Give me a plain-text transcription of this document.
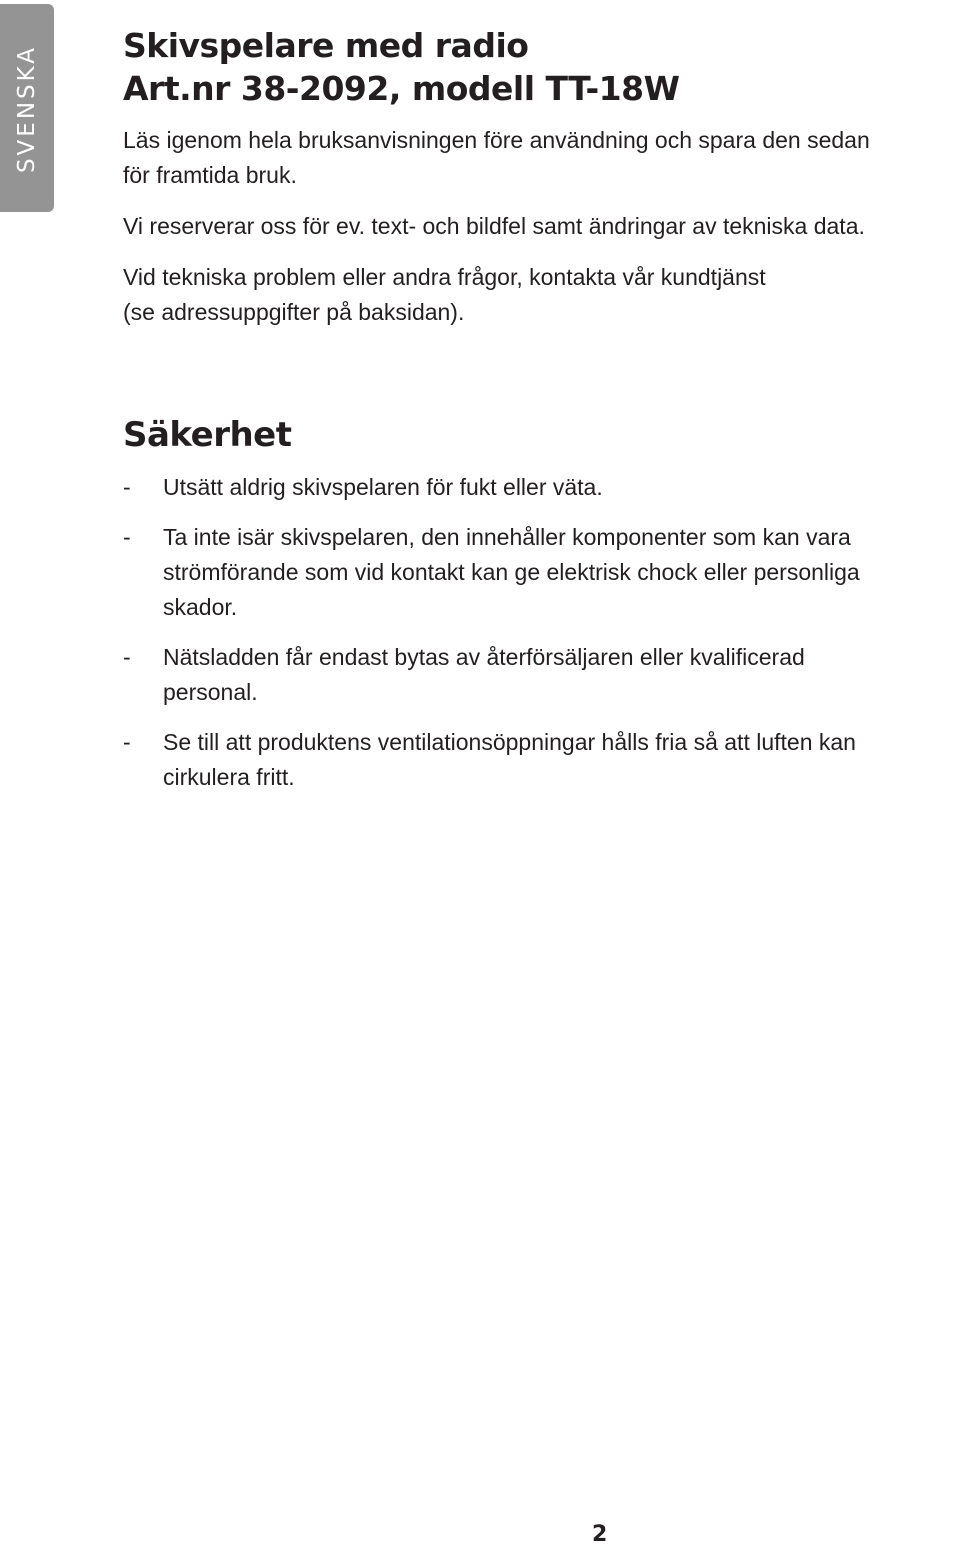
SVENSKA	Skivspelare med radio
Art.nr 38-2092, modell TT-18W

Läs igenom hela bruksanvisningen före användning och spara den sedan
för framtida bruk.

Vi reserverar oss för ev. text- och bildfel samt ändringar av tekniska data.

Vid tekniska problem eller andra frågor, kontakta vår kundtjänst
(se adressuppgifter på baksidan).

Säkerhet
- Utsätt aldrig skivspelaren för fukt eller väta.
- Ta inte isär skivspelaren, den innehåller komponenter som kan vara
strömförande som vid kontakt kan ge elektrisk chock eller personliga
skador.
- Nätsladden får endast bytas av återförsäljaren eller kvalificerad
personal.
- Se till att produktens ventilationsöppningar hålls fria så att luften kan
cirkulera fritt.
2
